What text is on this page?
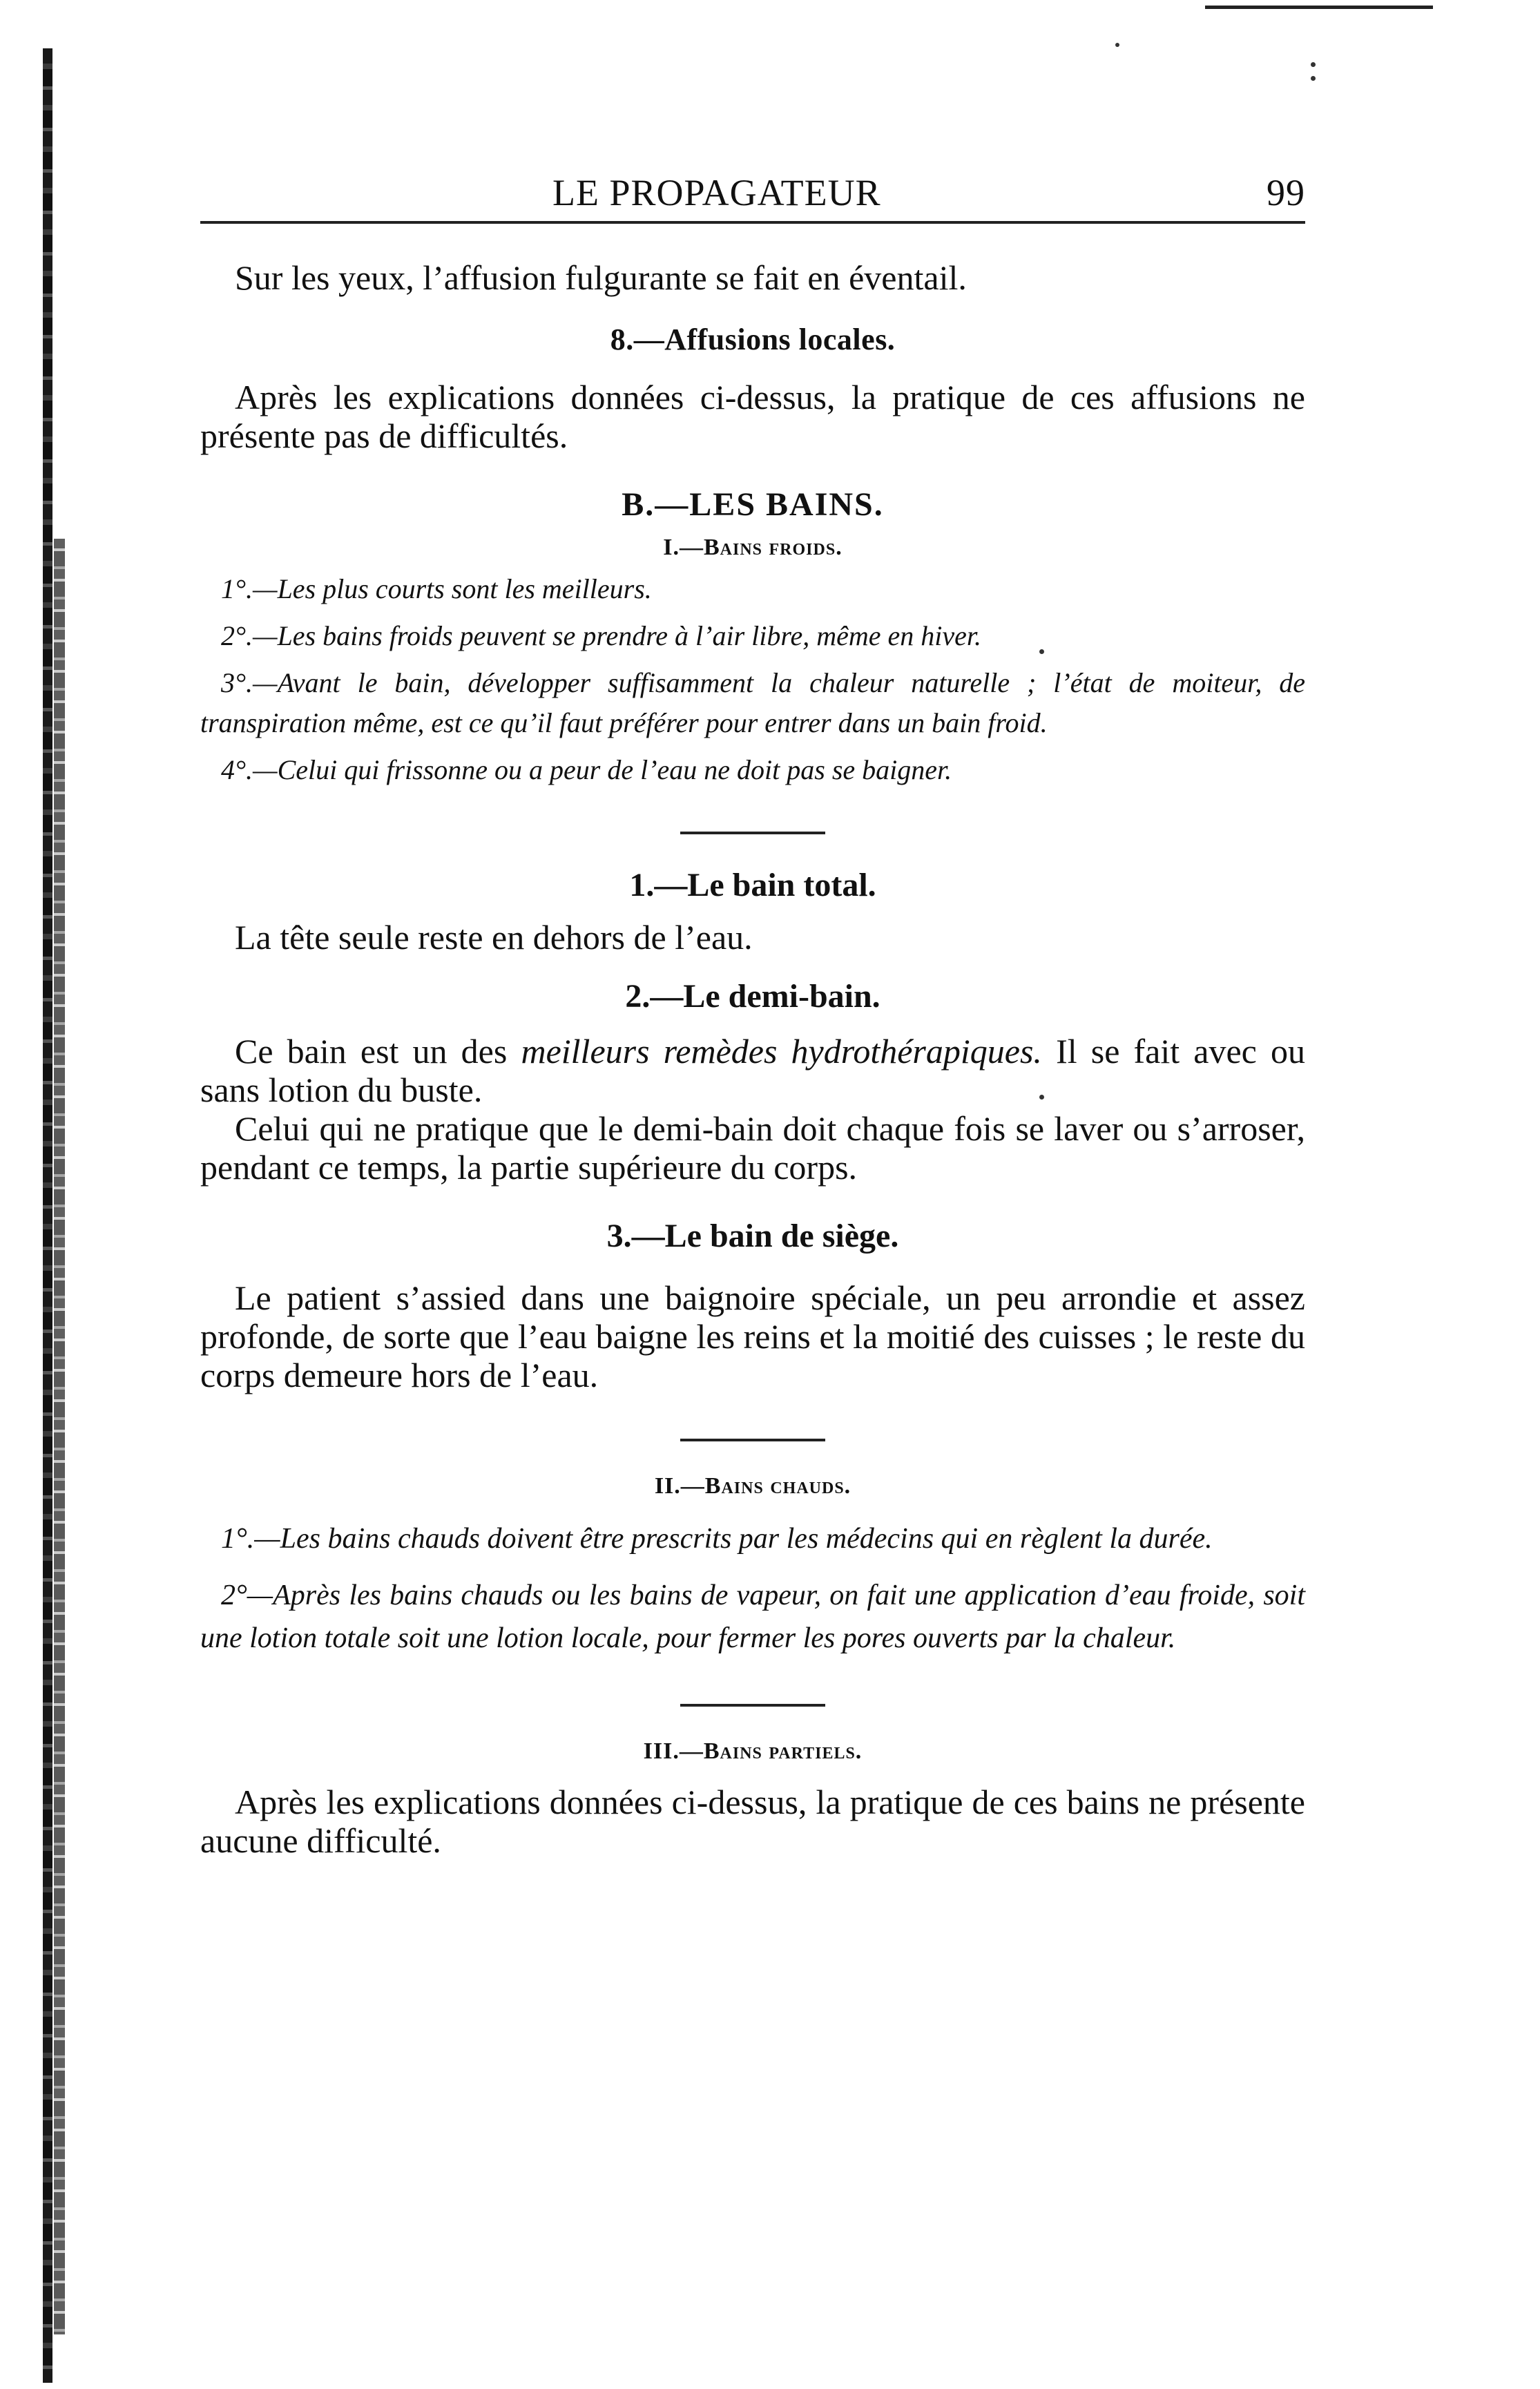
LE PROPAGATEUR	99

Sur les yeux, l’affusion fulgurante se fait en éventail.

8.—Affusions locales.

Après les explications données ci-dessus, la pratique de ces affusions ne présente pas de difficultés.

B.—LES BAINS.

I.—Bains froids.

1°.—Les plus courts sont les meilleurs.

2°.—Les bains froids peuvent se prendre à l’air libre, même en hiver.

3°.—Avant le bain, développer suffisamment la chaleur naturelle ; l’état de moiteur, de transpiration même, est ce qu’il faut préférer pour entrer dans un bain froid.

4°.—Celui qui frissonne ou a peur de l’eau ne doit pas se baigner.

1.—Le bain total.

La tête seule reste en dehors de l’eau.

2.—Le demi-bain.

Ce bain est un des meilleurs remèdes hydrothérapiques. Il se fait avec ou sans lotion du buste.

Celui qui ne pratique que le demi-bain doit chaque fois se laver ou s’arroser, pendant ce temps, la partie supérieure du corps.

3.—Le bain de siège.

Le patient s’assied dans une baignoire spéciale, un peu arrondie et assez profonde, de sorte que l’eau baigne les reins et la moitié des cuisses ; le reste du corps demeure hors de l’eau.

II.—Bains chauds.

1°.—Les bains chauds doivent être prescrits par les médecins qui en règlent la durée.

2°—Après les bains chauds ou les bains de vapeur, on fait une application d’eau froide, soit une lotion totale soit une lotion locale, pour fermer les pores ouverts par la chaleur.

III.—Bains partiels.

Après les explications données ci-dessus, la pratique de ces bains ne présente aucune difficulté.
